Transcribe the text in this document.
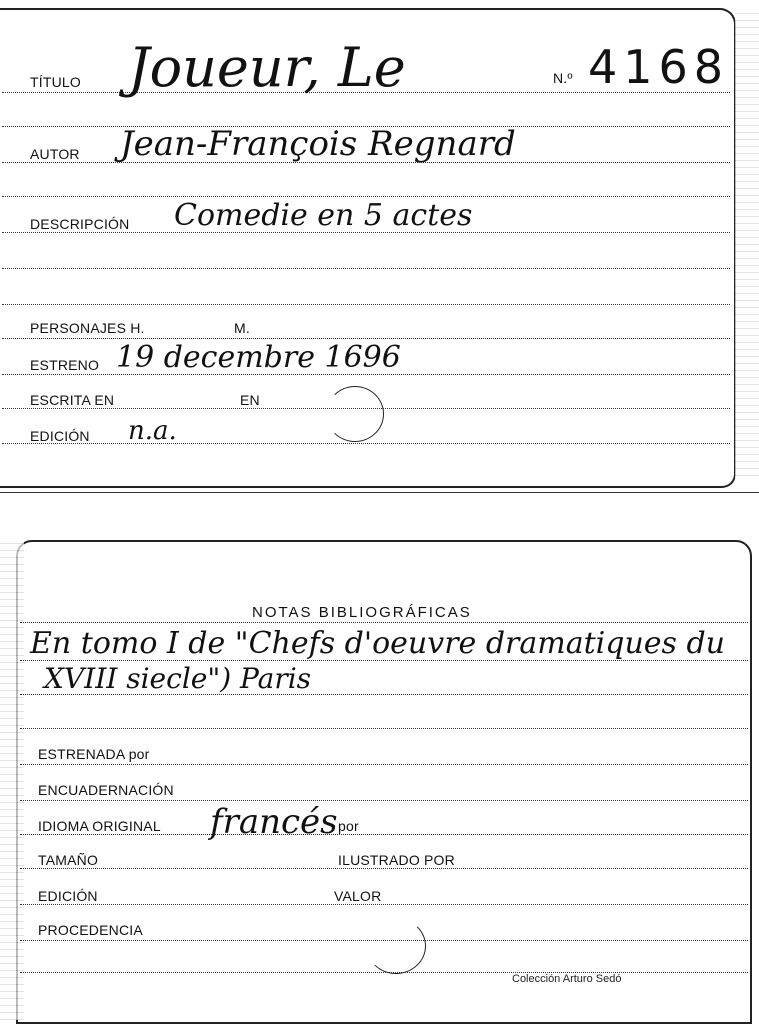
TÍTULO Joueur, Le	N.º 4168
AUTOR Jean-François Regnard
DESCRIPCIÓN Comedie en 5 actes
PERSONAJES H.	M.
ESTRENO 19 decembre 1696
ESCRITA EN	EN
EDICIÓN n.a.
NOTAS BIBLIOGRÁFICAS
En tomo I de "Chefs d'oeuvre dramatiques du
XVIII siecle") Paris
ESTRENADA por
ENCUADERNACIÓN
IDIOMA ORIGINAL francés por
TAMAÑO	ILUSTRADO POR
EDICIÓN	VALOR
PROCEDENCIA
Colección Arturo Sedó
